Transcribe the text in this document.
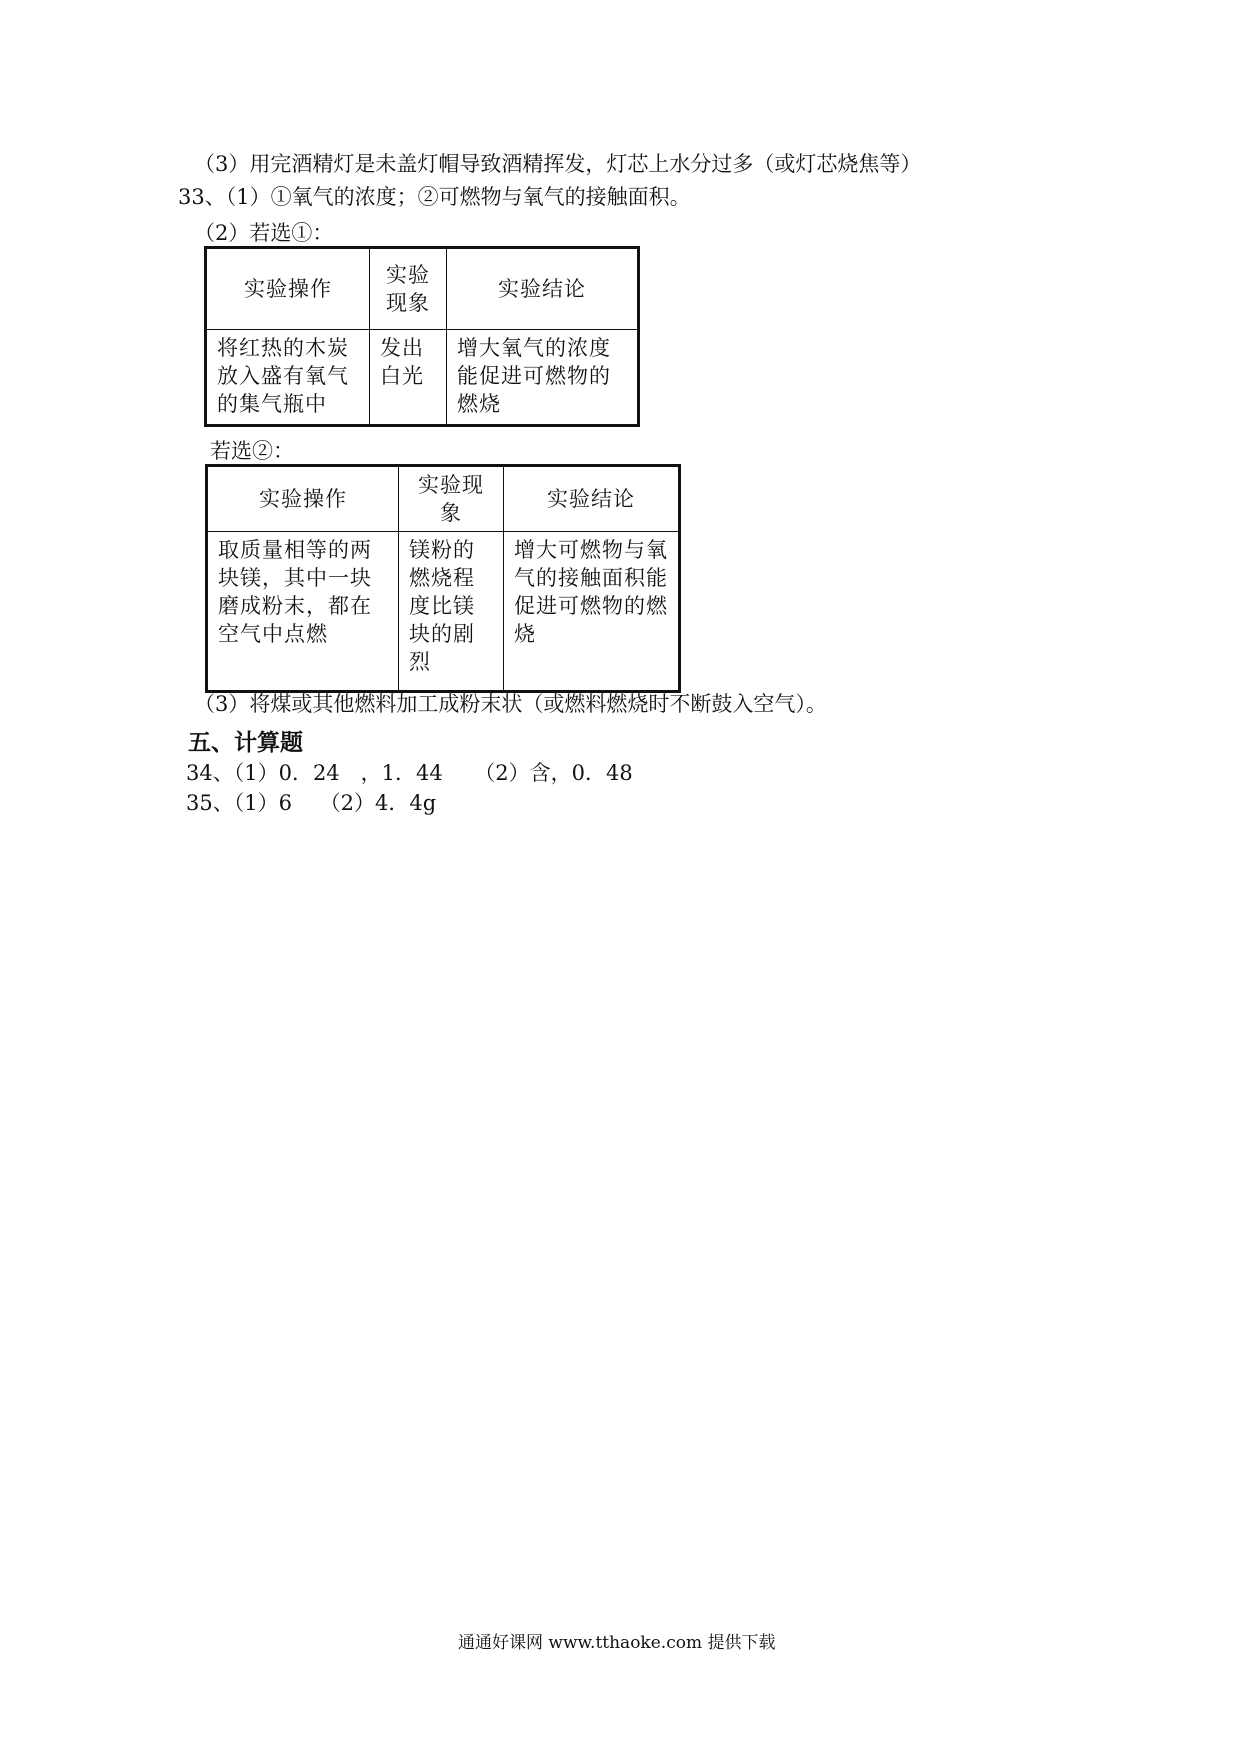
（3）用完酒精灯是未盖灯帽导致酒精挥发，灯芯上水分过多（或灯芯烧焦等）
33、（1）①氧气的浓度；②可燃物与氧气的接触面积。
（2）若选①：
实验操作	实验现象	实验结论
将红热的木炭放入盛有氧气的集气瓶中	发出白光	增大氧气的浓度能促进可燃物的燃烧
若选②：
实验操作	实验现象	实验结论
取质量相等的两块镁，其中一块磨成粉末，都在空气中点燃	镁粉的燃烧程度比镁块的剧烈	增大可燃物与氧气的接触面积能促进可燃物的燃烧
（3）将煤或其他燃料加工成粉末状（或燃料燃烧时不断鼓入空气）。
五、计算题
34、（1）0．24　，1．44　　（2）含，0．48
35、（1）6　 （2）4．4g
通通好课网 www.tthaoke.com 提供下载
